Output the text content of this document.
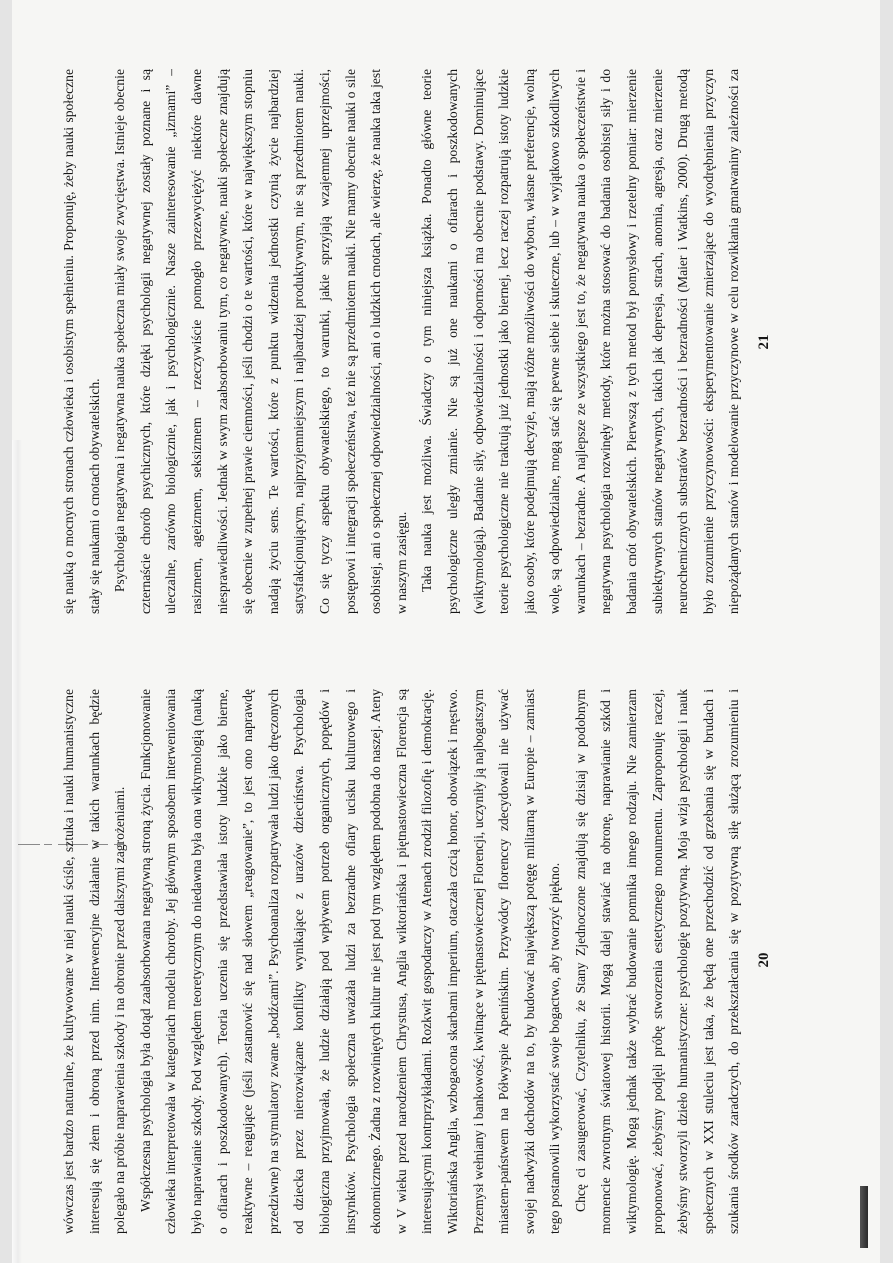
wówczas jest bardzo naturalne, że kultywowane w niej nauki ściśle, sztuka i nauki humanistyczne interesują się złem i obroną przed nim. Interwencyjne działanie w takich warunkach będzie polegało na próbie naprawienia szkody i na obronie przed dalszymi zagrożeniami. Współczesna psychologia była dotąd zaabsorbowana negatywną stroną życia. Funkcjonowanie człowieka interpretowała w kategoriach modelu choroby. Jej głównym sposobem interweniowania było naprawianie szkody. Pod względem teoretycznym do niedawna była ona wiktymologią (nauką o ofiarach i poszkodowanych). Teoria uczenia się przedstawiała istoty ludzkie jako bierne, reaktywne – reagujące (jeśli zastanowić się nad słowem „reagowanie”, to jest ono naprawdę przedziwne) na stymulatory zwane „bodźcami”. Psychoanaliza rozpatrywała ludzi jako dręczonych od dziecka przez nierozwiązane konflikty wynikające z urazów dzieciństwa. Psychologia biologiczna przyjmowała, że ludzie działają pod wpływem potrzeb organicznych, popędów i instynktów. Psychologia społeczna uważała ludzi za bezradne ofiary ucisku kulturowego i ekonomicznego. Żadna z rozwiniętych kultur nie jest pod tym względem podobna do naszej. Ateny w V wieku przed narodzeniem Chrystusa, Anglia wiktoriańska i piętnastowieczna Florencja są interesującymi kontrprzykładami. Rozkwit gospodarczy w Atenach zrodził filozofię i demokrację. Wiktoriańska Anglia, wzbogacona skarbami imperium, otaczała czcią honor, obowiązek i męstwo. Przemysł wełniany i bankowość, kwitnące w piętnastowiecznej Florencji, uczyniły ją najbogatszym miastem-państwem na Półwyspie Apenińskim. Przywódcy florenccy zdecydowali nie używać swojej nadwyżki dochodów na to, by budować największą potęgę militarną w Europie – zamiast tego postanowili wykorzystać swoje bogactwo, aby tworzyć piękno. Chcę ci zasugerować, Czytelniku, że Stany Zjednoczone znajdują się dzisiaj w podobnym momencie zwrotnym światowej historii. Mogą dalej stawiać na obronę, naprawianie szkód i wiktymologię. Mogą jednak także wybrać budowanie pomnika innego rodzaju. Nie zamierzam proponować, żebyśmy podjęli próbę stworzenia estetycznego monumentu. Zaproponuję raczej, żebyśmy stworzyli dzieło humanistyczne: psychologię pozytywną. Moja wizja psychologii i nauk społecznych w XXI stuleciu jest taka, że będą one przechodzić od grzebania się w brudach i szukania środków zaradczych, do przekształcania się w pozytywną siłę służącą zrozumieniu i

20

się nauką o mocnych stronach człowieka i osobistym spełnieniu. Proponuję, żeby nauki społeczne stały się naukami o cnotach obywatelskich. Psychologia negatywna i negatywna nauka społeczna miały swoje zwycięstwa. Istnieje obecnie czternaście chorób psychicznych, które dzięki psychologii negatywnej zostały poznane i są uleczalne, zarówno biologicznie, jak i psychologicznie. Nasze zainteresowanie „izmami” – rasizmem, ageizmem, seksizmem – rzeczywiście pomogło przezwyciężyć niektóre dawne niesprawiedliwości. Jednak w swym zaabsorbowaniu tym, co negatywne, nauki społeczne znajdują się obecnie w zupełnej prawie ciemności, jeśli chodzi o te wartości, które w największym stopniu nadają życiu sens. Te wartości, które z punktu widzenia jednostki czynią życie najbardziej satysfakcjonującym, najprzyjemniejszym i najbardziej produktywnym, nie są przedmiotem nauki. Co się tyczy aspektu obywatelskiego, to warunki, jakie sprzyjają wzajemnej uprzejmości, postępowi i integracji społeczeństwa, też nie są przedmiotem nauki. Nie mamy obecnie nauki o sile osobistej, ani o społecznej odpowiedzialności, ani o ludzkich cnotach, ale wierzę, że nauka taka jest w naszym zasięgu. Taka nauka jest możliwa. Świadczy o tym niniejsza książka. Ponadto główne teorie psychologiczne uległy zmianie. Nie są już one naukami o ofiarach i poszkodowanych (wiktymologią). Badanie siły, odpowiedzialności i odporności ma obecnie podstawy. Dominujące teorie psychologiczne nie traktują już jednostki jako biernej, lecz raczej rozpatrują istoty ludzkie jako osoby, które podejmują decyzje, mają różne możliwości do wyboru, własne preferencje, wolną wolę, są odpowiedzialne, mogą stać się pewne siebie i skuteczne, lub – w wyjątkowo szkodliwych warunkach – bezradne. A najlepsze ze wszystkiego jest to, że negatywna nauka o społeczeństwie i negatywna psychologia rozwinęły metody, które można stosować do badania osobistej siły i do badania cnót obywatelskich. Pierwszą z tych metod był pomysłowy i rzetelny pomiar: mierzenie subiektywnych stanów negatywnych, takich jak depresja, strach, anomia, agresja, oraz mierzenie neurochemicznych substratów bezradności i bezradności (Maier i Watkins, 2000). Drugą metodą było zrozumienie przyczynowości: eksperymentowanie zmierzające do wyodrębnienia przyczyn niepożądanych stanów i modelowanie przyczynowe w celu rozwikłania gmatwaniny zależności za

21
